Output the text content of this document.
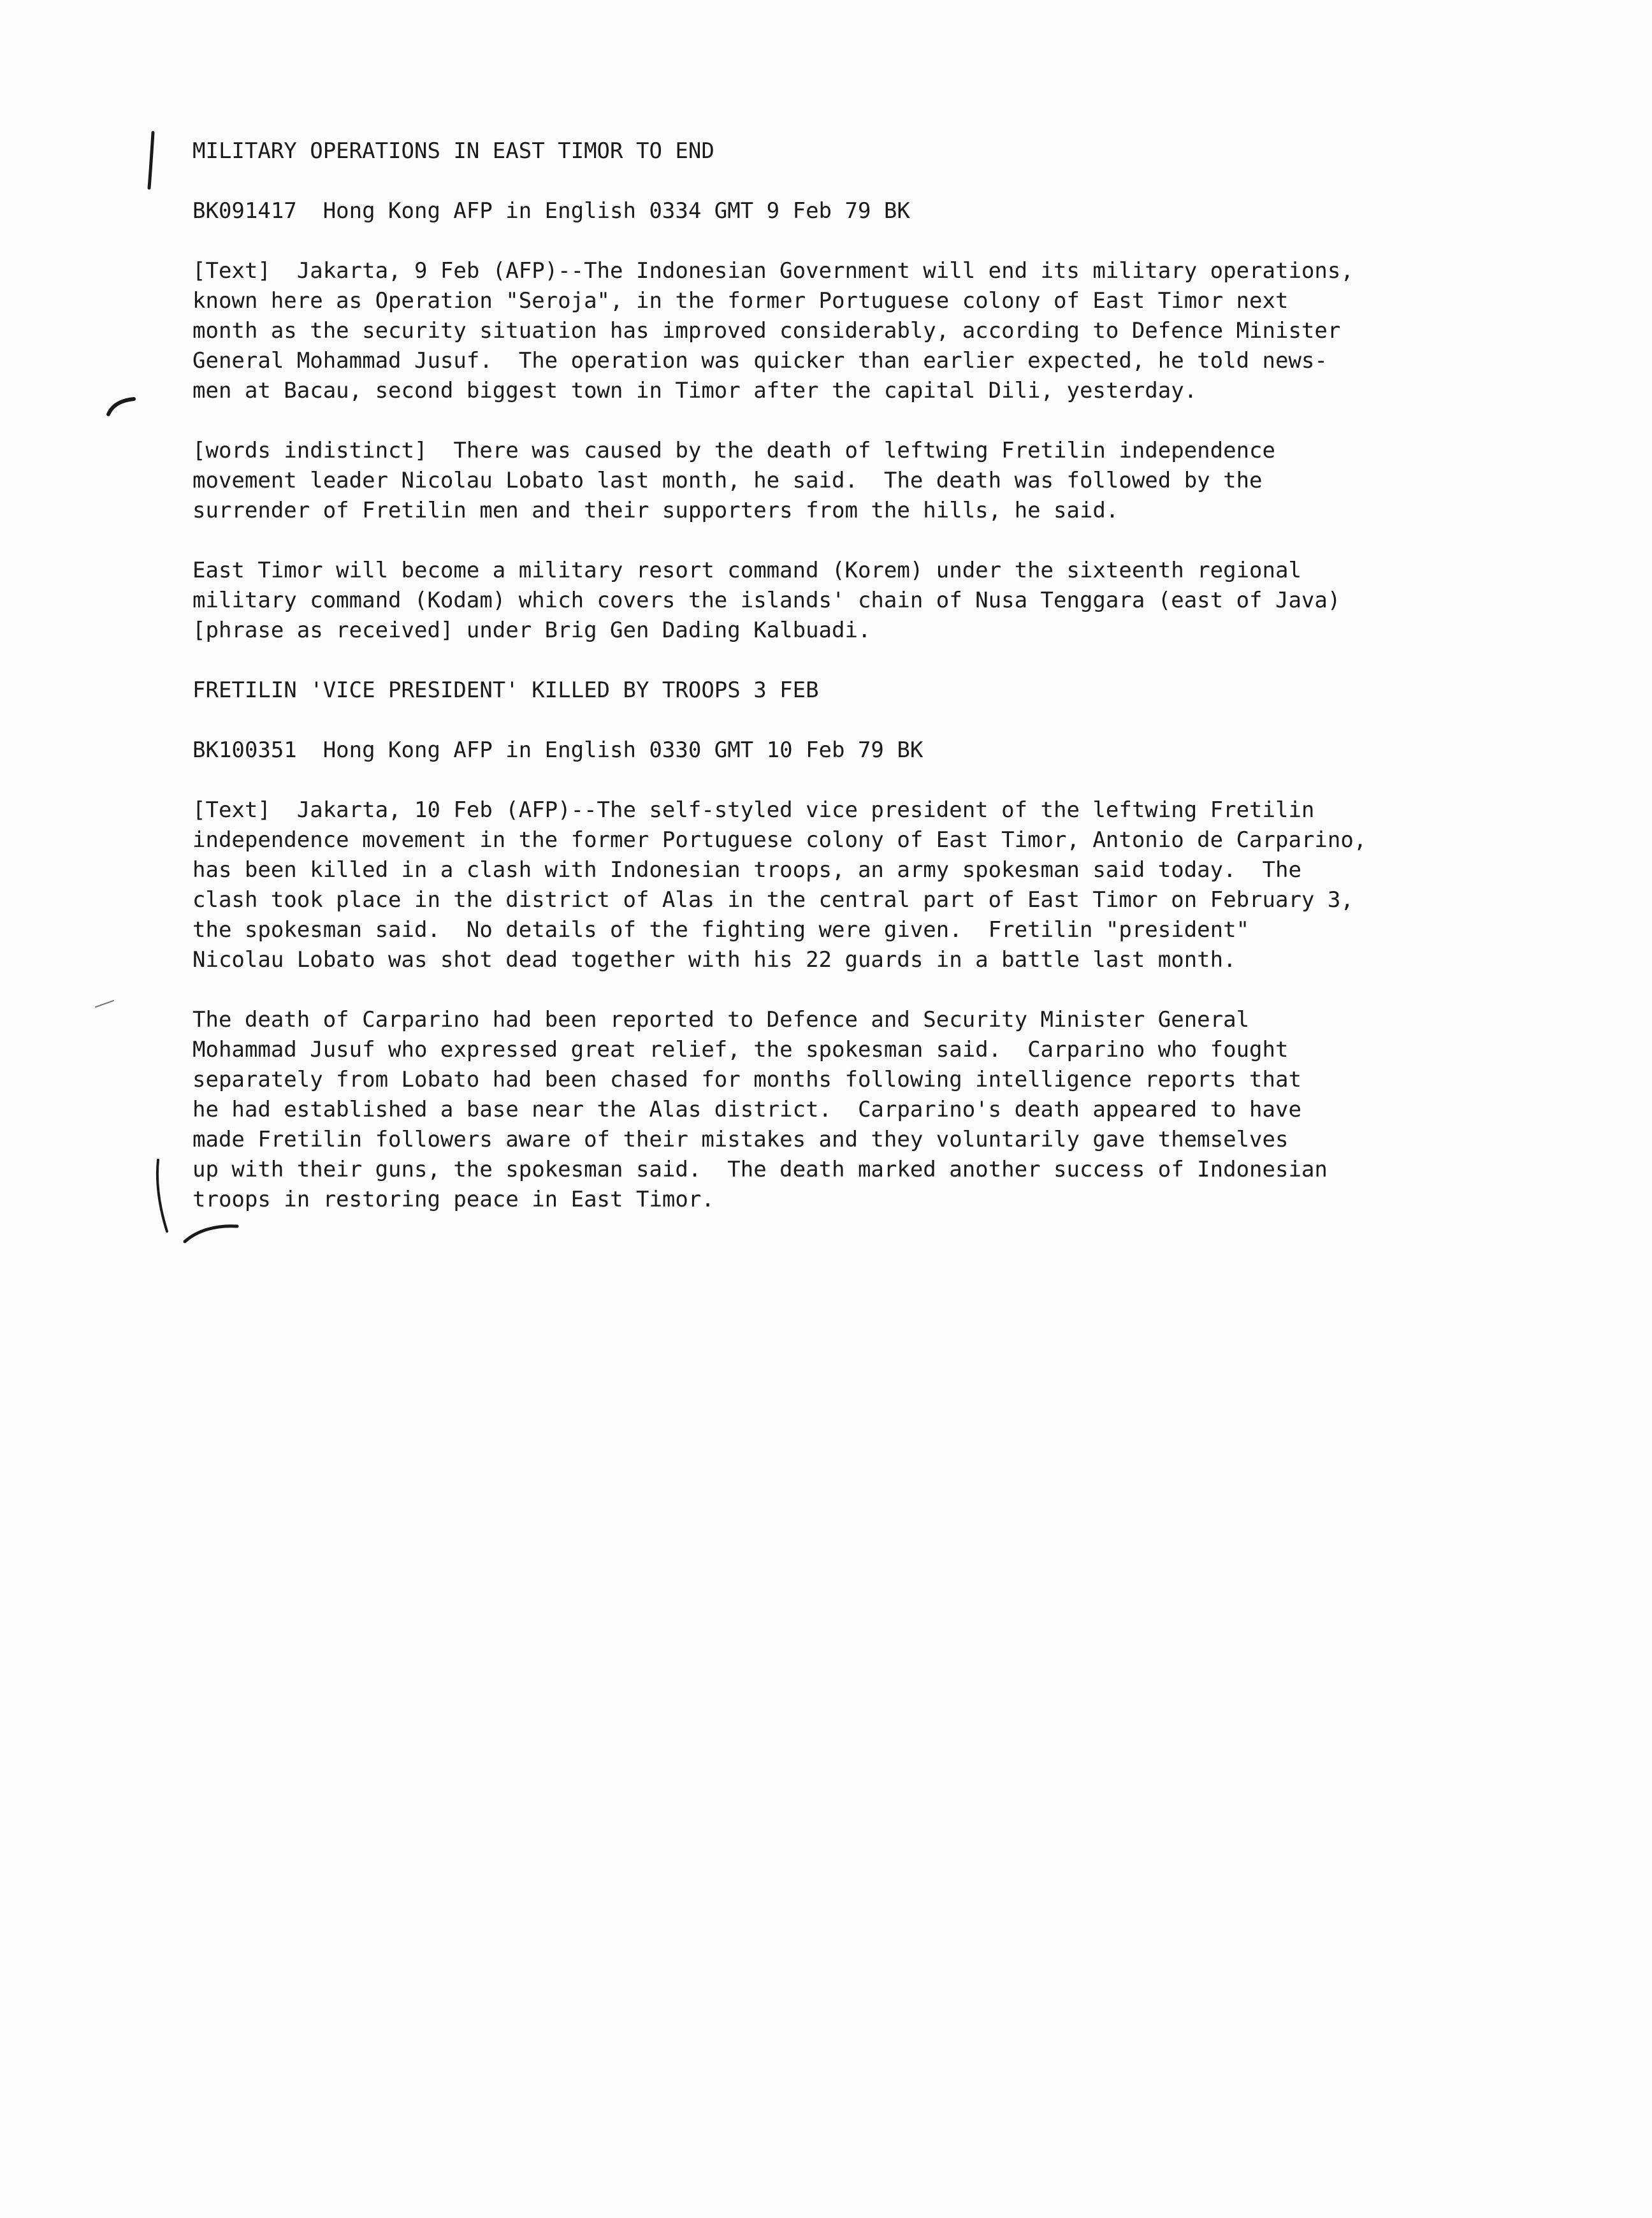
MILITARY OPERATIONS IN EAST TIMOR TO END
BK091417  Hong Kong AFP in English 0334 GMT 9 Feb 79 BK
[Text]  Jakarta, 9 Feb (AFP)--The Indonesian Government will end its military operations,
known here as Operation "Seroja", in the former Portuguese colony of East Timor next
month as the security situation has improved considerably, according to Defence Minister
General Mohammad Jusuf.  The operation was quicker than earlier expected, he told news-
men at Bacau, second biggest town in Timor after the capital Dili, yesterday.
[words indistinct]  There was caused by the death of leftwing Fretilin independence
movement leader Nicolau Lobato last month, he said.  The death was followed by the
surrender of Fretilin men and their supporters from the hills, he said.
East Timor will become a military resort command (Korem) under the sixteenth regional
military command (Kodam) which covers the islands' chain of Nusa Tenggara (east of Java)
[phrase as received] under Brig Gen Dading Kalbuadi.
FRETILIN 'VICE PRESIDENT' KILLED BY TROOPS 3 FEB
BK100351  Hong Kong AFP in English 0330 GMT 10 Feb 79 BK
[Text]  Jakarta, 10 Feb (AFP)--The self-styled vice president of the leftwing Fretilin
independence movement in the former Portuguese colony of East Timor, Antonio de Carparino,
has been killed in a clash with Indonesian troops, an army spokesman said today.  The
clash took place in the district of Alas in the central part of East Timor on February 3,
the spokesman said.  No details of the fighting were given.  Fretilin "president"
Nicolau Lobato was shot dead together with his 22 guards in a battle last month.
The death of Carparino had been reported to Defence and Security Minister General
Mohammad Jusuf who expressed great relief, the spokesman said.  Carparino who fought
separately from Lobato had been chased for months following intelligence reports that
he had established a base near the Alas district.  Carparino's death appeared to have
made Fretilin followers aware of their mistakes and they voluntarily gave themselves
up with their guns, the spokesman said.  The death marked another success of Indonesian
troops in restoring peace in East Timor.
